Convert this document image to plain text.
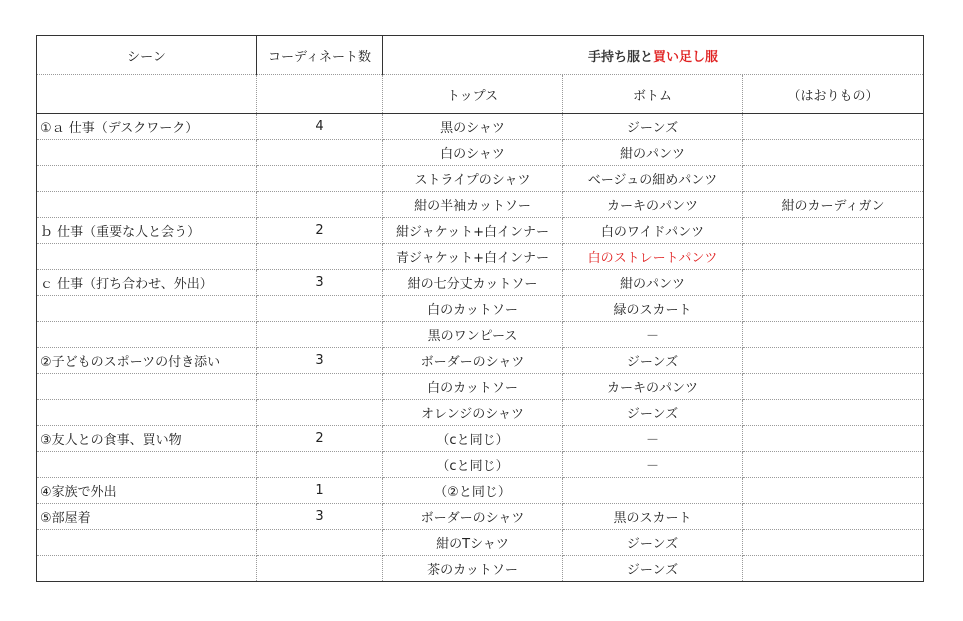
シーン	コーディネート数	手持ち服と買い足し服		
		トップス	ボトム	（はおりもの）
①ａ 仕事（デスクワーク）	4	黒のシャツ	ジーンズ	
		白のシャツ	紺のパンツ	
		ストライプのシャツ	ベージュの細めパンツ	
		紺の半袖カットソー	カーキのパンツ	紺のカーディガン
ｂ 仕事（重要な人と会う）	2	紺ジャケット+白インナー	白のワイドパンツ	
		青ジャケット+白インナー	白のストレートパンツ	
ｃ 仕事（打ち合わせ、外出）	3	紺の七分丈カットソー	紺のパンツ	
		白のカットソー	緑のスカート	
		黒のワンピース	－	
②子どものスポーツの付き添い	3	ボーダーのシャツ	ジーンズ	
		白のカットソー	カーキのパンツ	
		オレンジのシャツ	ジーンズ	
③友人との食事、買い物	2	（cと同じ）	－	
		（cと同じ）	－	
④家族で外出	1	（②と同じ）		
⑤部屋着	3	ボーダーのシャツ	黒のスカート	
		紺のTシャツ	ジーンズ	
		茶のカットソー	ジーンズ	
